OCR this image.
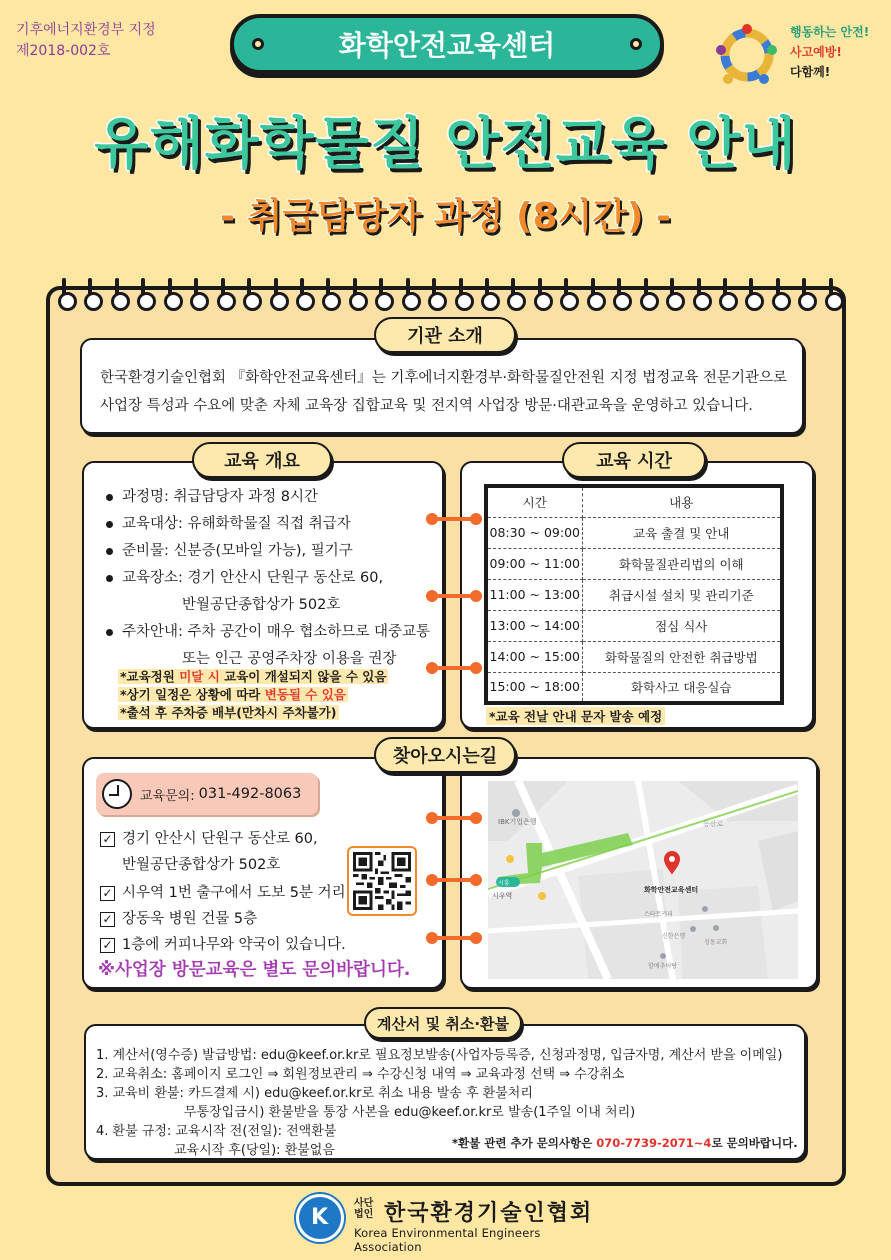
기후에너지환경부 지정
제2018-002호	화학안전교육센터	행동하는 안전!
사고예방!
다함께!
유해화학물질 안전교육 안내
- 취급담당자 과정 (8시간) -
기관 소개
한국환경기술인협회 『화학안전교육센터』는 기후에너지환경부·화학물질안전원 지정 법정교육 전문기관으로 사업장 특성과 수요에 맞춘 자체 교육장 집합교육 및 전지역 사업장 방문·대관교육을 운영하고 있습니다.
교육 개요
과정명: 취급담당자 과정 8시간
교육대상: 유해화학물질 직접 취급자
준비물: 신분증(모바일 가능), 필기구
교육장소: 경기 안산시 단원구 동산로 60,
반월공단종합상가 502호
주차안내: 주차 공간이 매우 협소하므로 대중교통
또는 인근 공영주차장 이용을 권장
*교육정원 미달 시 교육이 개설되지 않을 수 있음
*상기 일정은 상황에 따라 변동될 수 있음
*출석 후 주차증 배부(만차시 주차불가)
교육 시간
시간	내용
08:30 ~ 09:00	교육 출결 및 안내
09:00 ~ 11:00	화학물질관리법의 이해
11:00 ~ 13:00	취급시설 설치 및 관리기준
13:00 ~ 14:00	점심 식사
14:00 ~ 15:00	화학물질의 안전한 취급방법
15:00 ~ 18:00	화학사고 대응실습
*교육 전날 안내 문자 발송 예정
찾아오시는길
교육문의: 031-492-8063
✓ 경기 안산시 단원구 동산로 60,
반월공단종합상가 502호
✓ 시우역 1번 출구에서 도보 5분 거리
✓ 장동욱 병원 건물 5층
✓ 1층에 커피나무와 약국이 있습니다.
※사업장 방문교육은 별도 문의바랍니다.
IBK기업은행	동산로
시흥
시우역
화학안전교육센터
스타트커피
신한은행
성동교회
할매추어탕
계산서 및 취소·환불

1. 계산서(영수증) 발급방법: edu@keef.or.kr로 필요정보발송(사업자등록증, 신청과정명, 입금자명, 계산서 받을 이메일)

2. 교육취소: 홈페이지 로그인 ⇒ 회원정보관리 ⇒ 수강신청 내역 ⇒ 교육과정 선택 ⇒ 수강취소

3. 교육비 환불: 카드결제 시) edu@keef.or.kr로 취소 내용 발송 후 환불처리

무통장입금시) 환불받을 통장 사본을 edu@keef.or.kr로 발송(1주일 이내 처리)

4. 환불 규정: 교육시작 전(전일): 전액환불

교육시작 후(당일): 환불없음	*환불 관련 추가 문의사항은 070-7739-2071~4로 문의바랍니다.
K
사단
법인 한국환경기술인협회
Korea Environmental Engineers Association
